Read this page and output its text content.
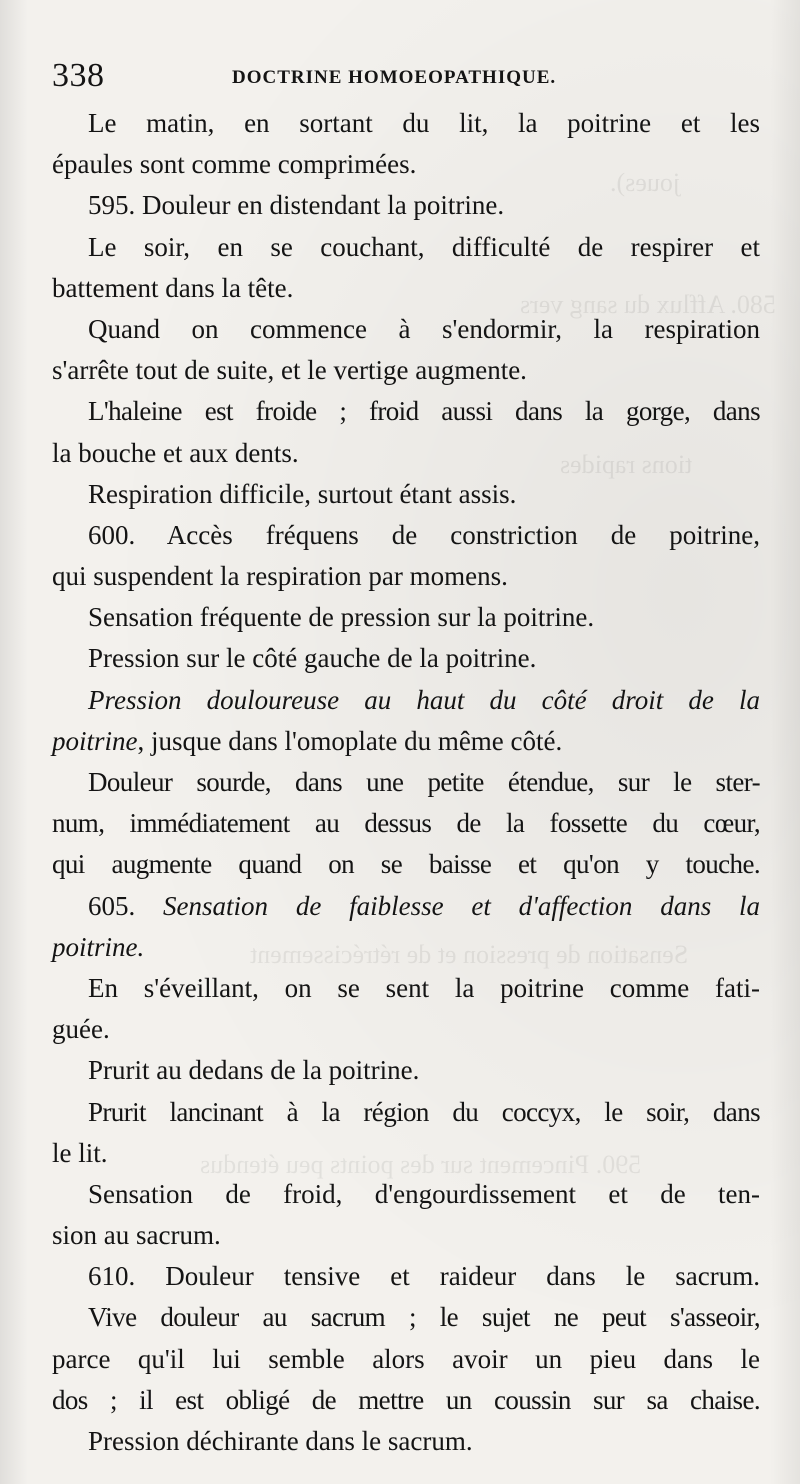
joues).
580. Afflux du sang vers
tions rapides
Sensation de pression et de rétrécissement
590. Pincement sur des points peu étendus
338	DOCTRINE HOMOEOPATHIQUE.
Le matin, en sortant du lit, la poitrine et les
épaules sont comme comprimées.
595. Douleur en distendant la poitrine.
Le soir, en se couchant, difficulté de respirer et
battement dans la tête.
Quand on commence à s'endormir, la respiration
s'arrête tout de suite, et le vertige augmente.
L'haleine est froide ; froid aussi dans la gorge, dans
la bouche et aux dents.
Respiration difficile, surtout étant assis.
600. Accès fréquens de constriction de poitrine,
qui suspendent la respiration par momens.
Sensation fréquente de pression sur la poitrine.
Pression sur le côté gauche de la poitrine.
Pression douloureuse au haut du côté droit de la
poitrine, jusque dans l'omoplate du même côté.
Douleur sourde, dans une petite étendue, sur le ster-
num, immédiatement au dessus de la fossette du cœur,
qui augmente quand on se baisse et qu'on y touche.
605. Sensation de faiblesse et d'affection dans la
poitrine.
En s'éveillant, on se sent la poitrine comme fati-
guée.
Prurit au dedans de la poitrine.
Prurit lancinant à la région du coccyx, le soir, dans
le lit.
Sensation de froid, d'engourdissement et de ten-
sion au sacrum.
610. Douleur tensive et raideur dans le sacrum.
Vive douleur au sacrum ; le sujet ne peut s'asseoir,
parce qu'il lui semble alors avoir un pieu dans le
dos ; il est obligé de mettre un coussin sur sa chaise.
Pression déchirante dans le sacrum.
